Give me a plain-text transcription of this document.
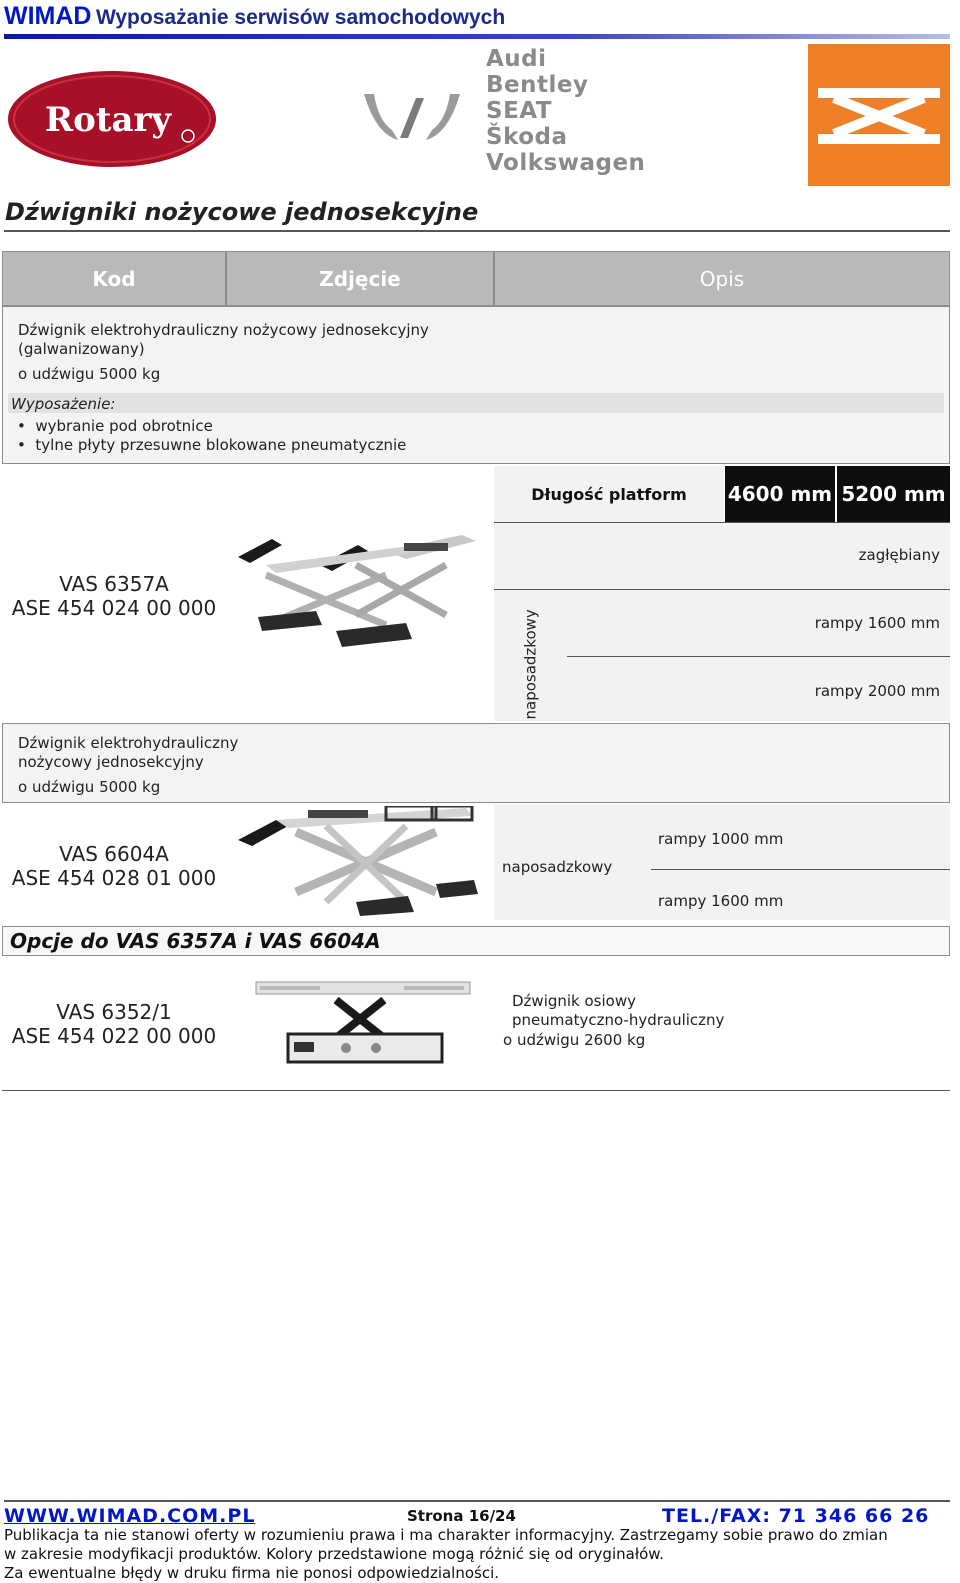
WIMAD Wyposażanie serwisów samochodowych
Rotary
Audi
Bentley
SEAT
Škoda
Volkswagen
Dźwigniki nożycowe jednosekcyjne
Kod	Zdjęcie	Opis
Dźwignik elektrohydrauliczny nożycowy jednosekcyjny
(galwanizowany)
o udźwigu 5000 kg
Wyposażenie:
•  wybranie pod obrotnice
•  tylne płyty przesuwne blokowane pneumatycznie
Długość platform	4600 mm 5200 mm
VAS 6357A
ASE 454 024 00 000
naposadzkowy
zagłębiany
rampy 1600 mm
rampy 2000 mm
Dźwignik elektrohydrauliczny
nożycowy jednosekcyjny
o udźwigu 5000 kg
VAS 6604A
ASE 454 028 01 000	naposadzkowy
rampy 1000 mm
rampy 1600 mm
Opcje do VAS 6357A i VAS 6604A
VAS 6352/1
ASE 454 022 00 000
Dźwignik osiowy
pneumatyczno-hydrauliczny
o udźwigu 2600 kg
WWW.WIMAD.COM.PL	Strona 16/24	TEL./FAX: 71 346 66 26
Publikacja ta nie stanowi oferty w rozumieniu prawa i ma charakter informacyjny. Zastrzegamy sobie prawo do zmian
w zakresie modyfikacji produktów. Kolory przedstawione mogą różnić się od oryginałów.
Za ewentualne błędy w druku firma nie ponosi odpowiedzialności.
